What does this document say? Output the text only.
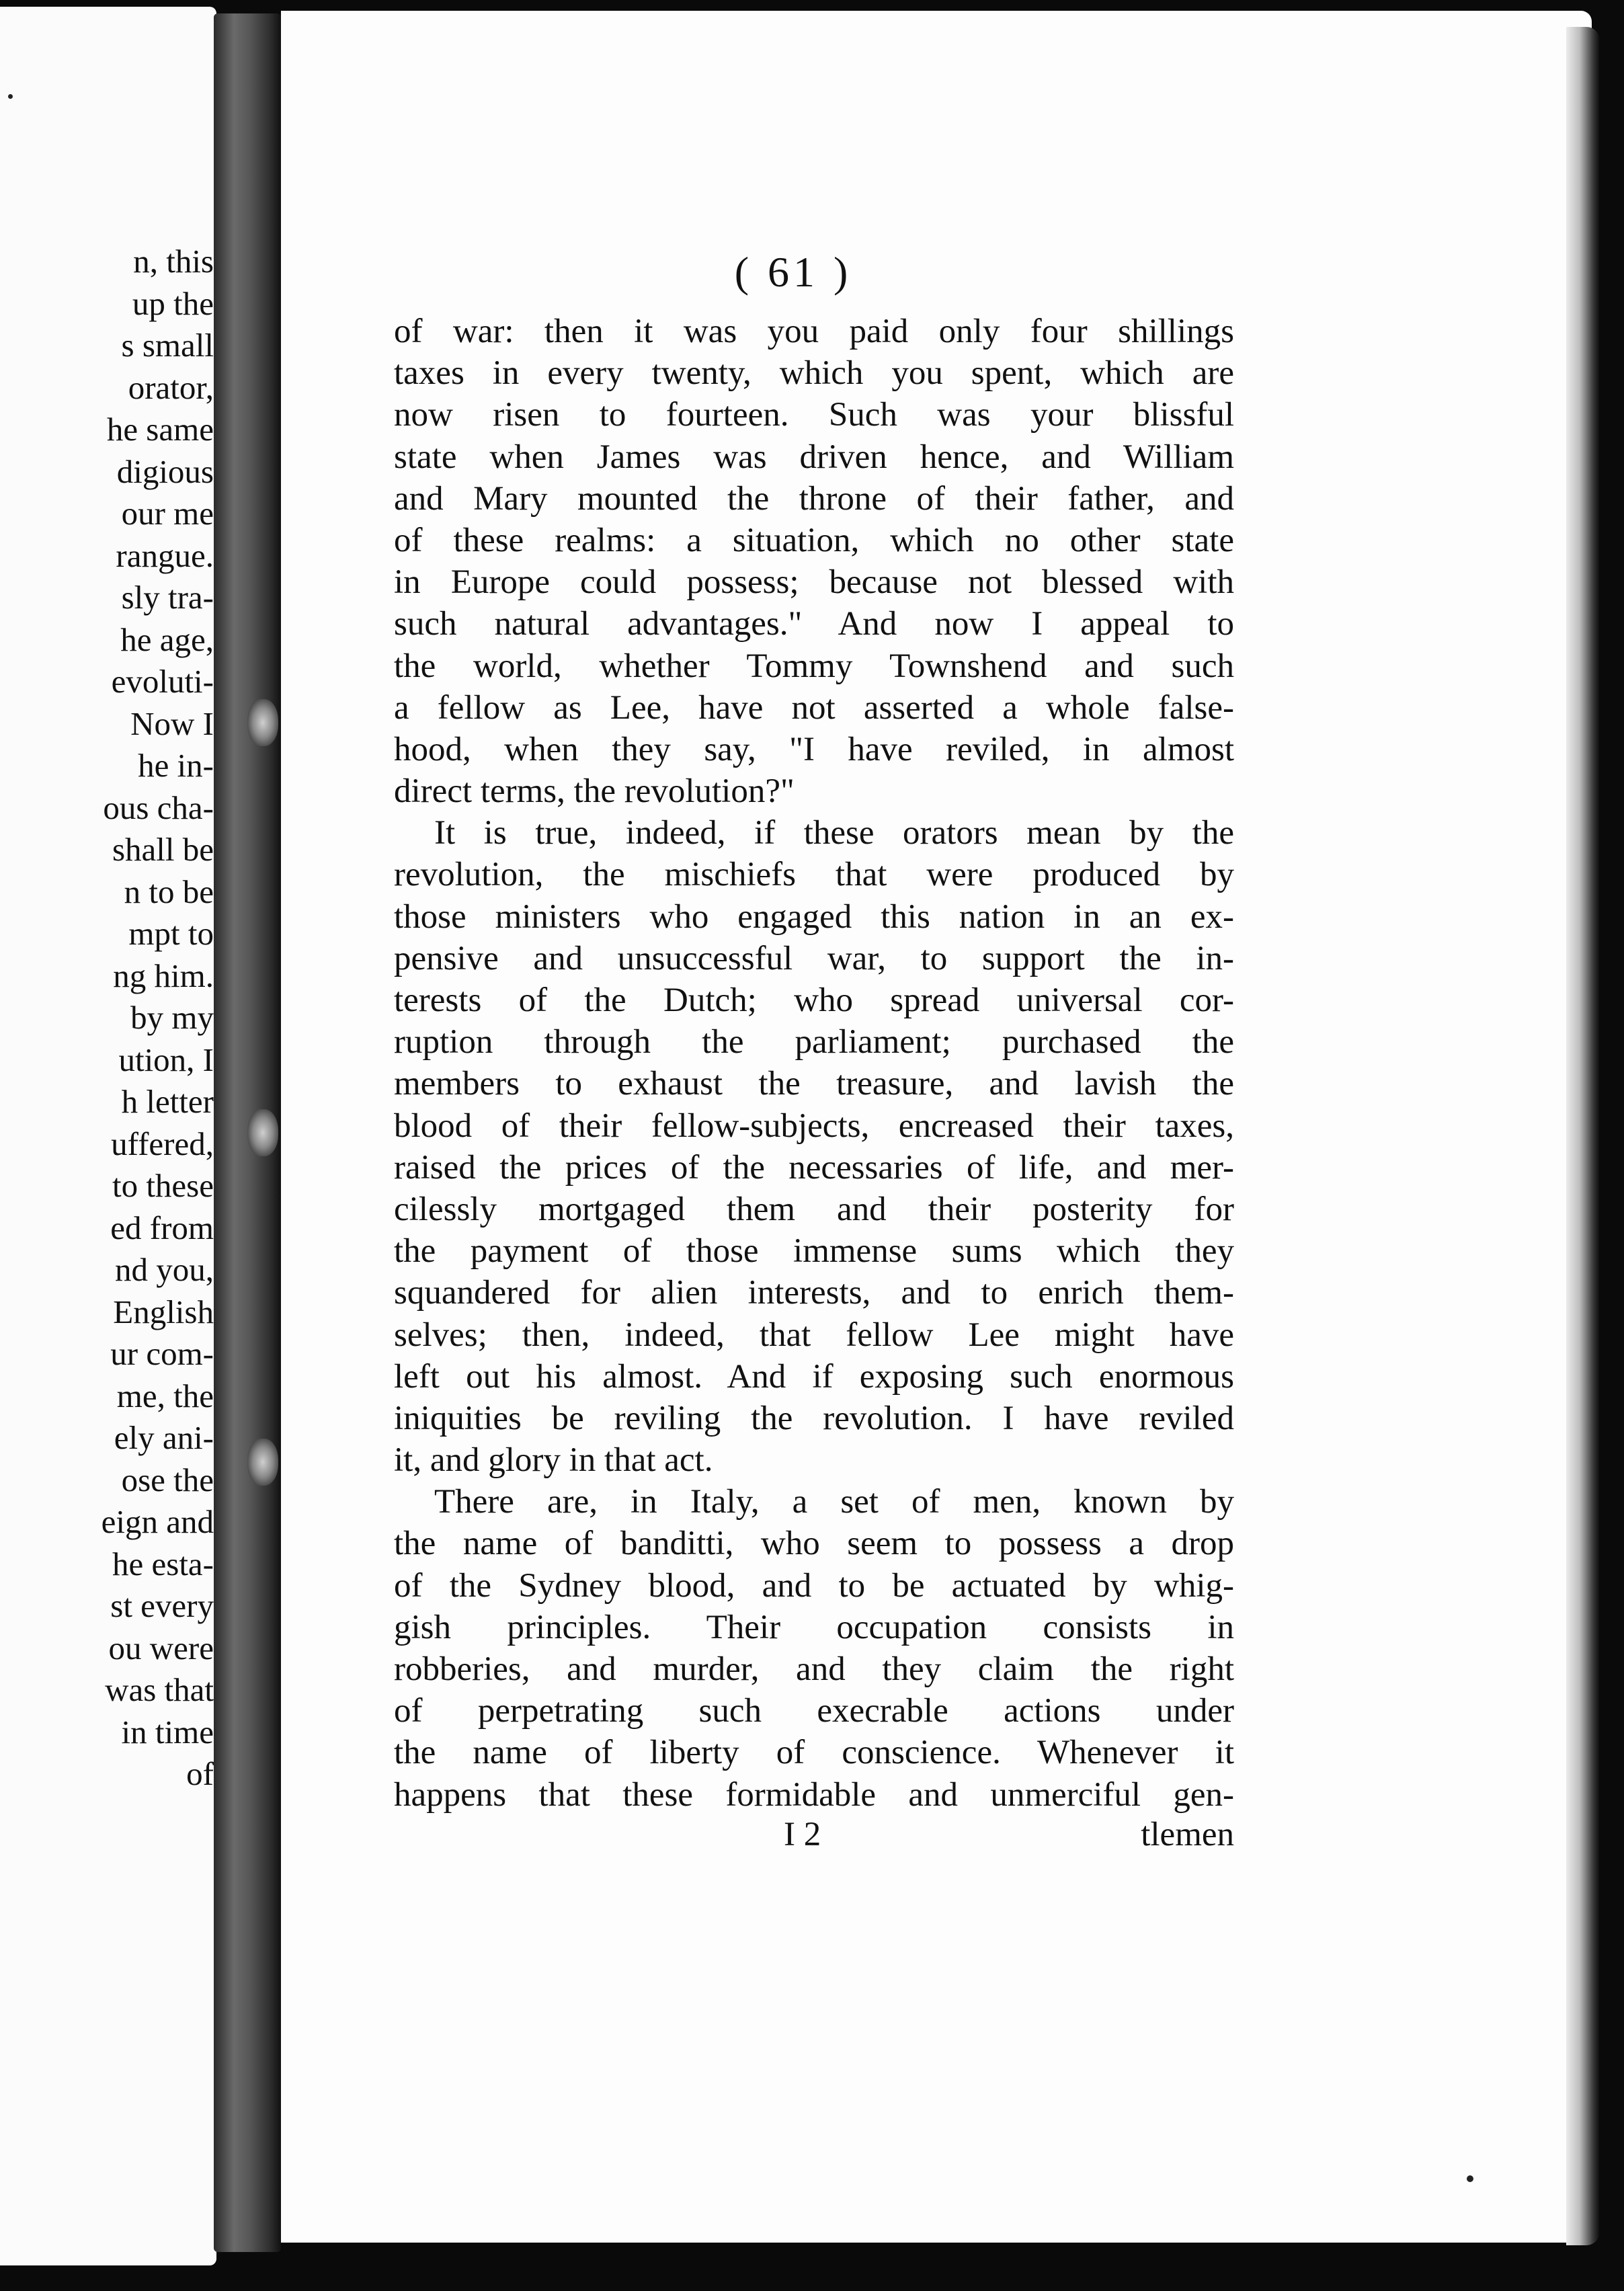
n, this
up the
s small
orator,
he same
digious
our me
rangue.
sly tra-
he age,
evoluti-
Now I
he in-
ous cha-
shall be
n to be
mpt to
ng him.
by my
ution, I
h letter
uffered,
to these
ed from
nd you,
English
ur com-
me, the
ely ani-
ose the
eign and
he esta-
st every
ou were
was that
in time
of
( 61 )
of war: then it was you paid only four shillings
taxes in every twenty, which you spent, which are
now risen to fourteen. Such was your blissful
state when James was driven hence, and William
and Mary mounted the throne of their father, and
of these realms: a situation, which no other state
in Europe could possess; because not blessed with
such natural advantages." And now I appeal to
the world, whether Tommy Townshend and such
a fellow as Lee, have not asserted a whole false-
hood, when they say, "I have reviled, in almost
direct terms, the revolution?"
It is true, indeed, if these orators mean by the
revolution, the mischiefs that were produced by
those ministers who engaged this nation in an ex-
pensive and unsuccessful war, to support the in-
terests of the Dutch; who spread universal cor-
ruption through the parliament; purchased the
members to exhaust the treasure, and lavish the
blood of their fellow-subjects, encreased their taxes,
raised the prices of the necessaries of life, and mer-
cilessly mortgaged them and their posterity for
the payment of those immense sums which they
squandered for alien interests, and to enrich them-
selves; then, indeed, that fellow Lee might have
left out his almost. And if exposing such enormous
iniquities be reviling the revolution. I have reviled
it, and glory in that act.
There are, in Italy, a set of men, known by
the name of banditti, who seem to possess a drop
of the Sydney blood, and to be actuated by whig-
gish principles. Their occupation consists in
robberies, and murder, and they claim the right
of perpetrating such execrable actions under
the name of liberty of conscience. Whenever it
happens that these formidable and unmerciful gen-
I 2	tlemen
